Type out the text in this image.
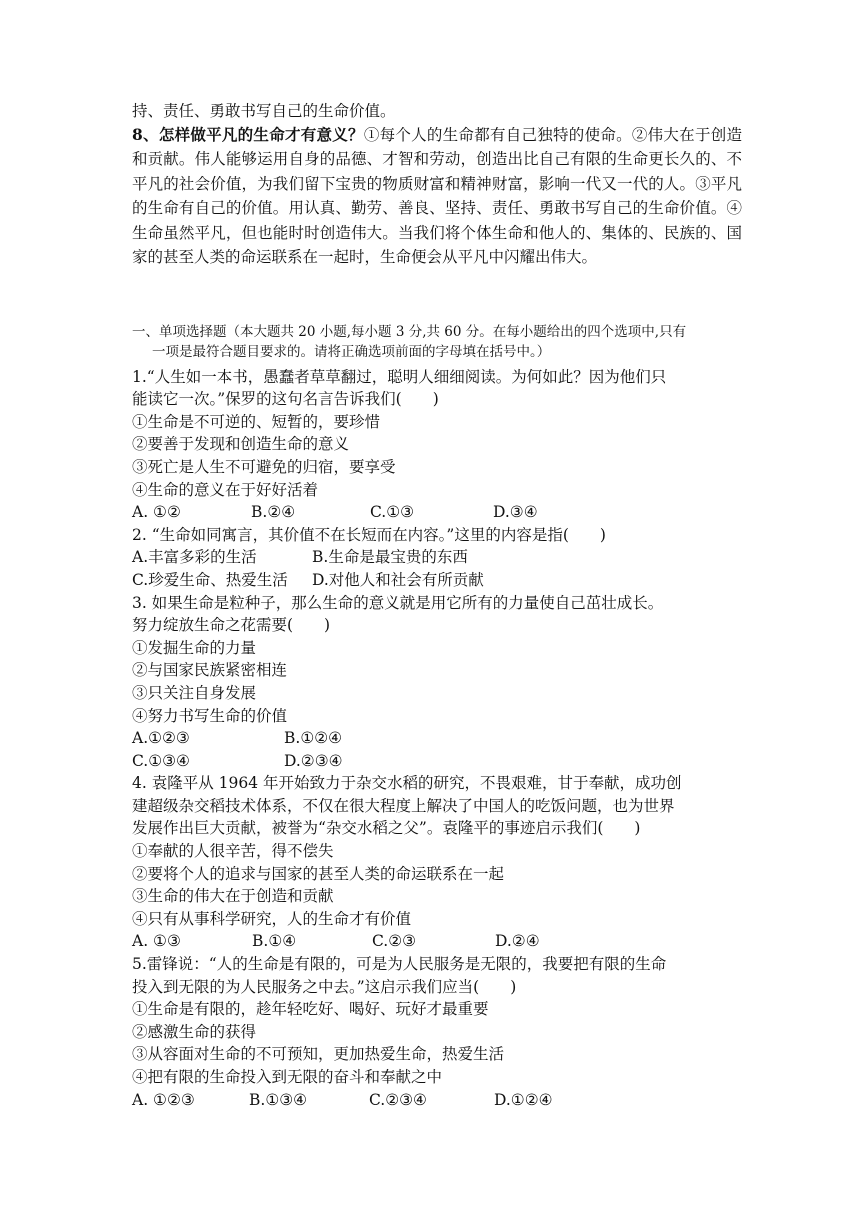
持、责任、勇敢书写自己的生命价值。

8、怎样做平凡的生命才有意义？①每个人的生命都有自己独特的使命。②伟大在于创造和贡献。伟人能够运用自身的品德、才智和劳动，创造出比自己有限的生命更长久的、不平凡的社会价值，为我们留下宝贵的物质财富和精神财富，影响一代又一代的人。③平凡的生命有自己的价值。用认真、勤劳、善良、坚持、责任、勇敢书写自己的生命价值。④生命虽然平凡，但也能时时创造伟大。当我们将个体生命和他人的、集体的、民族的、国家的甚至人类的命运联系在一起时，生命便会从平凡中闪耀出伟大。

一、单项选择题（本大题共 20 小题,每小题 3 分,共 60 分。在每小题给出的四个选项中,只有
一项是最符合题目要求的。请将正确选项前面的字母填在括号中。）

1.“人生如一本书，愚蠢者草草翻过，聪明人细细阅读。为何如此？因为他们只

能读它一次。”保罗的这句名言告诉我们(　　)

①生命是不可逆的、短暂的，要珍惜

②要善于发现和创造生命的意义

③死亡是人生不可避免的归宿，要享受

④生命的意义在于好好活着

A. ①②	B.②④	C.①③	D.③④

2. “生命如同寓言，其价值不在长短而在内容。”这里的内容是指(　　)

A.丰富多彩的生活	B.生命是最宝贵的东西
C.珍爱生命、热爱生活	D.对他人和社会有所贡献

3. 如果生命是粒种子，那么生命的意义就是用它所有的力量使自己茁壮成长。

努力绽放生命之花需要(　　)

①发掘生命的力量

②与国家民族紧密相连

③只关注自身发展

④努力书写生命的价值

A.①②③	B.①②④
C.①③④	D.②③④

4. 袁隆平从 1964 年开始致力于杂交水稻的研究，不畏艰难，甘于奉献，成功创

建超级杂交稻技术体系，不仅在很大程度上解决了中国人的吃饭问题，也为世界

发展作出巨大贡献，被誉为“杂交水稻之父”。袁隆平的事迹启示我们(　　)

①奉献的人很辛苦，得不偿失

②要将个人的追求与国家的甚至人类的命运联系在一起

③生命的伟大在于创造和贡献

④只有从事科学研究，人的生命才有价值

A. ①③	B.①④	C.②③	D.②④

5.雷锋说：“人的生命是有限的，可是为人民服务是无限的，我要把有限的生命

投入到无限的为人民服务之中去。”这启示我们应当(　　)

①生命是有限的，趁年轻吃好、喝好、玩好才最重要

②感激生命的获得

③从容面对生命的不可预知，更加热爱生命，热爱生活

④把有限的生命投入到无限的奋斗和奉献之中

A. ①②③	B.①③④	C.②③④	D.①②④
